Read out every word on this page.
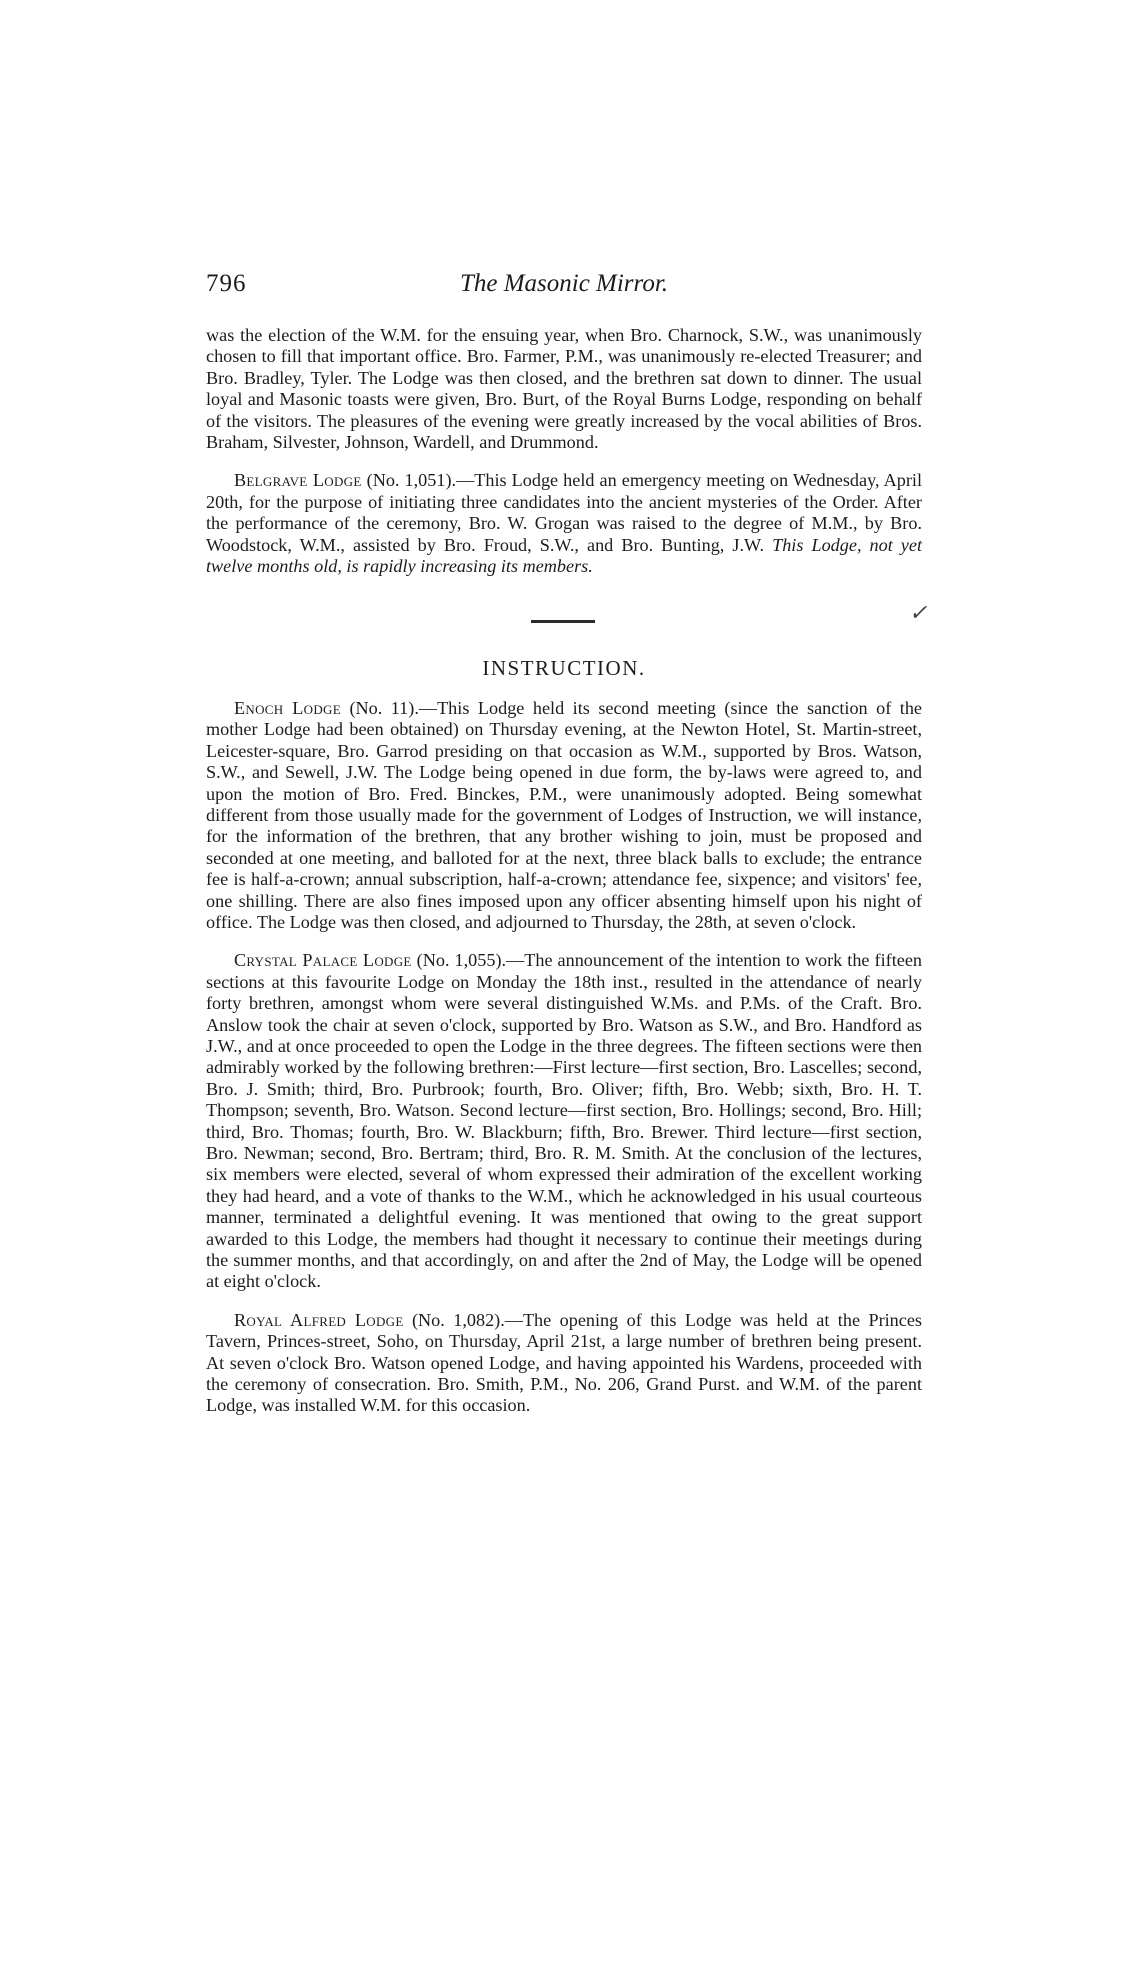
796	The Masonic Mirror.

was the election of the W.M. for the ensuing year, when Bro. Charnock, S.W., was unanimously chosen to fill that important office. Bro. Farmer, P.M., was unanimously re-elected Treasurer; and Bro. Bradley, Tyler. The Lodge was then closed, and the brethren sat down to dinner. The usual loyal and Masonic toasts were given, Bro. Burt, of the Royal Burns Lodge, responding on behalf of the visitors. The pleasures of the evening were greatly increased by the vocal abilities of Bros. Braham, Silvester, Johnson, Wardell, and Drummond.

Belgrave Lodge (No. 1,051).—This Lodge held an emergency meeting on Wednesday, April 20th, for the purpose of initiating three candidates into the ancient mysteries of the Order. After the performance of the ceremony, Bro. W. Grogan was raised to the degree of M.M., by Bro. Woodstock, W.M., assisted by Bro. Froud, S.W., and Bro. Bunting, J.W. This Lodge, not yet twelve months old, is rapidly increasing its members.

✓
INSTRUCTION.

Enoch Lodge (No. 11).—This Lodge held its second meeting (since the sanction of the mother Lodge had been obtained) on Thursday evening, at the Newton Hotel, St. Martin-street, Leicester-square, Bro. Garrod presiding on that occasion as W.M., supported by Bros. Watson, S.W., and Sewell, J.W. The Lodge being opened in due form, the by-laws were agreed to, and upon the motion of Bro. Fred. Binckes, P.M., were unanimously adopted. Being somewhat different from those usually made for the government of Lodges of Instruction, we will instance, for the information of the brethren, that any brother wishing to join, must be proposed and seconded at one meeting, and balloted for at the next, three black balls to exclude; the entrance fee is half-a-crown; annual subscription, half-a-crown; attendance fee, sixpence; and visitors' fee, one shilling. There are also fines imposed upon any officer absenting himself upon his night of office. The Lodge was then closed, and adjourned to Thursday, the 28th, at seven o'clock.

Crystal Palace Lodge (No. 1,055).—The announcement of the intention to work the fifteen sections at this favourite Lodge on Monday the 18th inst., resulted in the attendance of nearly forty brethren, amongst whom were several distinguished W.Ms. and P.Ms. of the Craft. Bro. Anslow took the chair at seven o'clock, supported by Bro. Watson as S.W., and Bro. Handford as J.W., and at once proceeded to open the Lodge in the three degrees. The fifteen sections were then admirably worked by the following brethren:—First lecture—first section, Bro. Lascelles; second, Bro. J. Smith; third, Bro. Purbrook; fourth, Bro. Oliver; fifth, Bro. Webb; sixth, Bro. H. T. Thompson; seventh, Bro. Watson. Second lecture—first section, Bro. Hollings; second, Bro. Hill; third, Bro. Thomas; fourth, Bro. W. Blackburn; fifth, Bro. Brewer. Third lecture—first section, Bro. Newman; second, Bro. Bertram; third, Bro. R. M. Smith. At the conclusion of the lectures, six members were elected, several of whom expressed their admiration of the excellent working they had heard, and a vote of thanks to the W.M., which he acknowledged in his usual courteous manner, terminated a delightful evening. It was mentioned that owing to the great support awarded to this Lodge, the members had thought it necessary to continue their meetings during the summer months, and that accordingly, on and after the 2nd of May, the Lodge will be opened at eight o'clock.

Royal Alfred Lodge (No. 1,082).—The opening of this Lodge was held at the Princes Tavern, Princes-street, Soho, on Thursday, April 21st, a large number of brethren being present. At seven o'clock Bro. Watson opened Lodge, and having appointed his Wardens, proceeded with the ceremony of consecration. Bro. Smith, P.M., No. 206, Grand Purst. and W.M. of the parent Lodge, was installed W.M. for this occasion.
